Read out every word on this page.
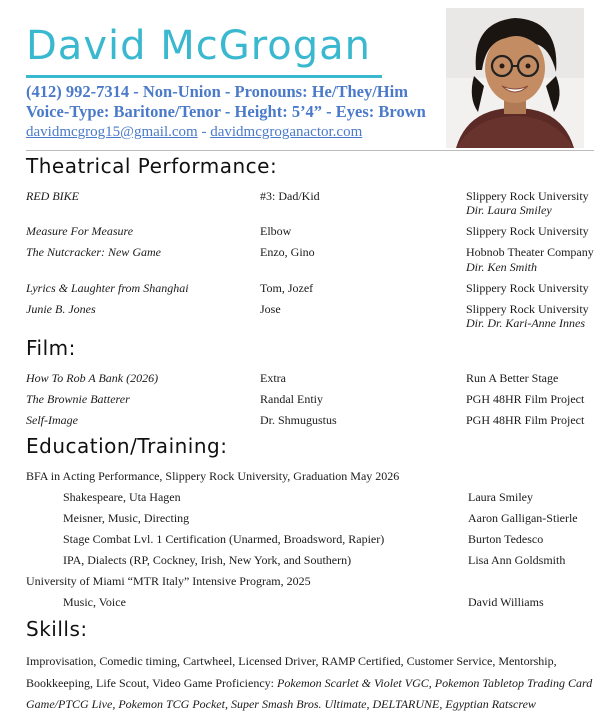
David McGrogan
(412) 992-7314 - Non-Union - Pronouns: He/They/Him
Voice-Type: Baritone/Tenor - Height: 5’4” - Eyes: Brown
davidmcgrog15@gmail.com - davidmcgroganactor.com
Theatrical Performance:
RED BIKE	#3: Dad/Kid	Slippery Rock University
Dir. Laura Smiley
Measure For Measure	Elbow	Slippery Rock University
The Nutcracker: New Game	Enzo, Gino	Hobnob Theater Company
Dir. Ken Smith
Lyrics & Laughter from Shanghai	Tom, Jozef	Slippery Rock University
Junie B. Jones	Jose	Slippery Rock University
Dir. Dr. Kari-Anne Innes
Film:
How To Rob A Bank (2026)	Extra	Run A Better Stage
The Brownie Batterer	Randal Entiy	PGH 48HR Film Project
Self-Image	Dr. Shmugustus	PGH 48HR Film Project
Education/Training:
BFA in Acting Performance, Slippery Rock University, Graduation May 2026
Shakespeare, Uta Hagen	Laura Smiley
Meisner, Music, Directing	Aaron Galligan-Stierle
Stage Combat Lvl. 1 Certification (Unarmed, Broadsword, Rapier)	Burton Tedesco
IPA, Dialects (RP, Cockney, Irish, New York, and Southern)	Lisa Ann Goldsmith
University of Miami “MTR Italy” Intensive Program, 2025
Music, Voice	David Williams
Skills:
Improvisation, Comedic timing, Cartwheel, Licensed Driver, RAMP Certified, Customer Service, Mentorship, Bookkeeping, Life Scout, Video Game Proficiency: Pokemon Scarlet & Violet VGC, Pokemon Tabletop Trading Card Game/PTCG Live, Pokemon TCG Pocket, Super Smash Bros. Ultimate, DELTARUNE, Egyptian Ratscrew
